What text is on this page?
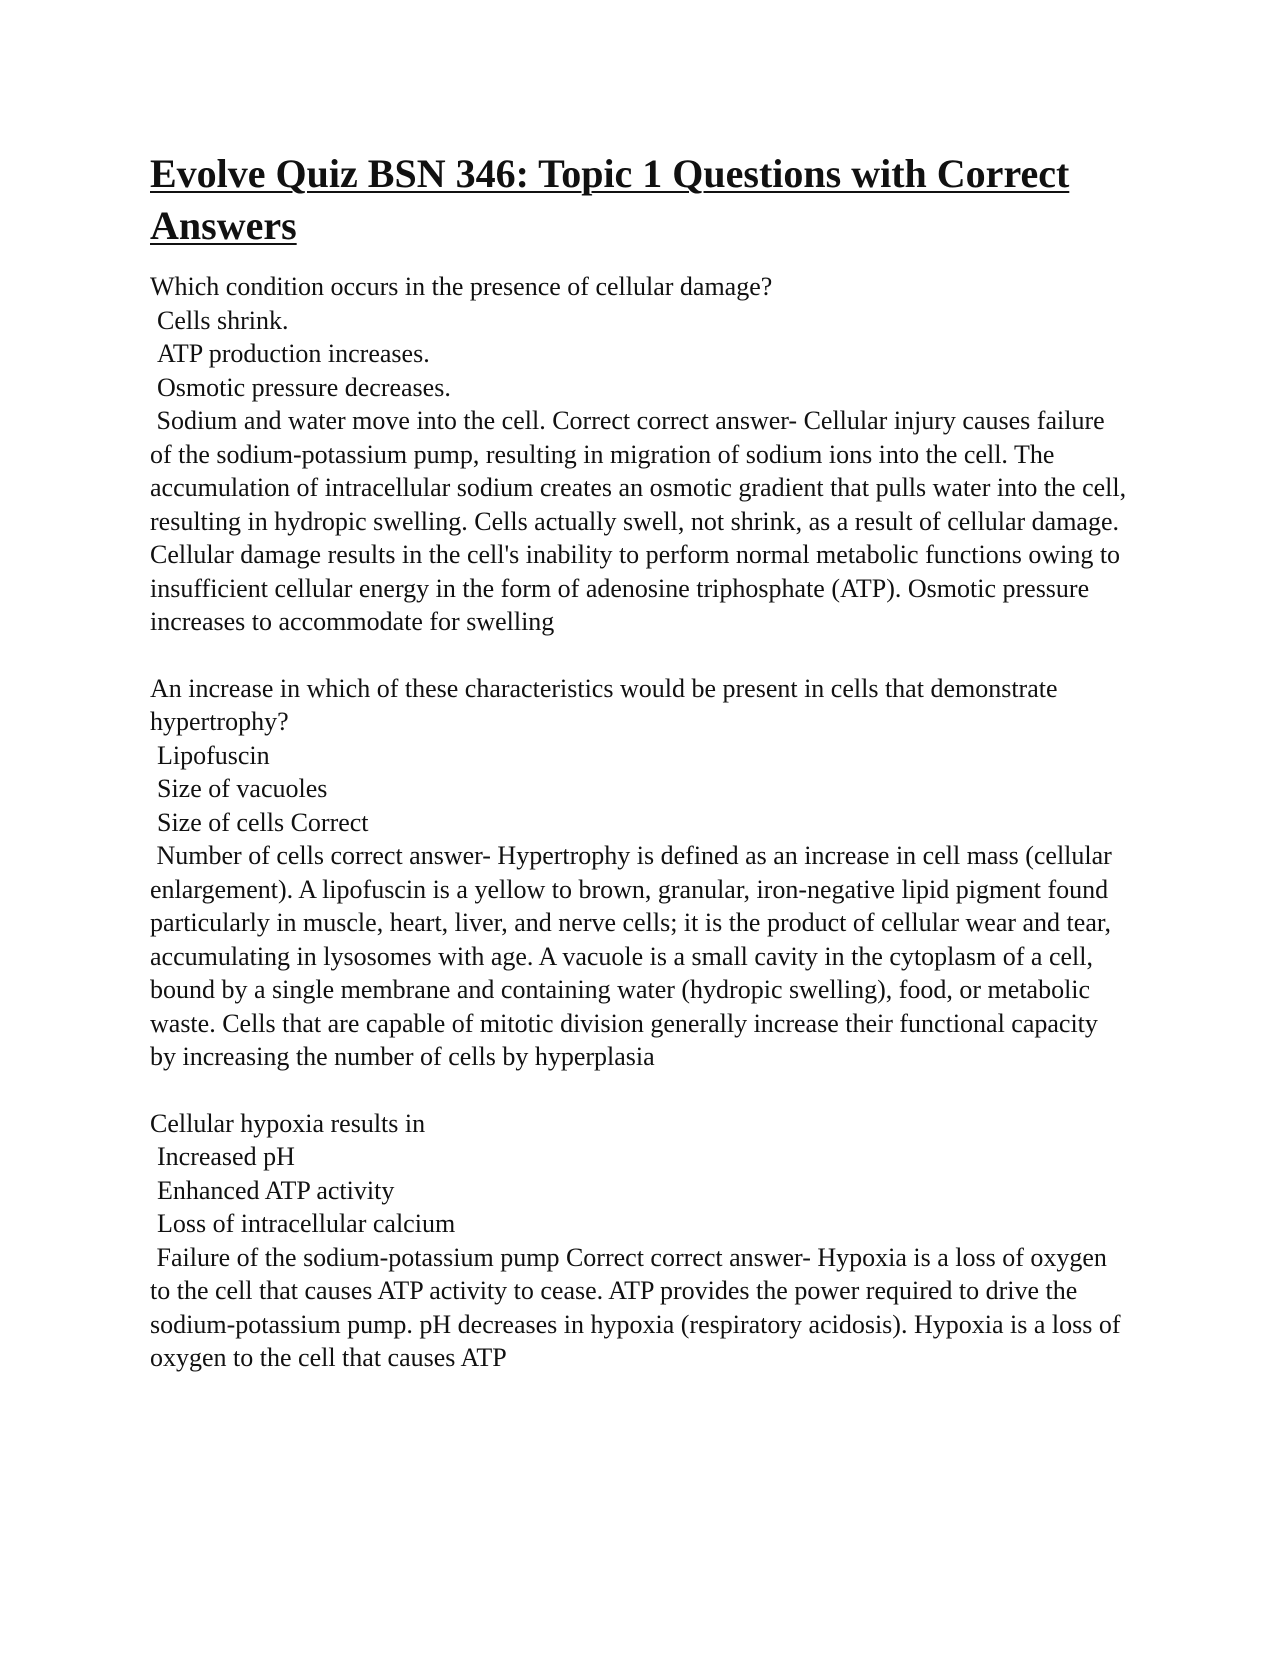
Evolve Quiz BSN 346: Topic 1 Questions with Correct Answers
Which condition occurs in the presence of cellular damage?
Cells shrink.
ATP production increases.
Osmotic pressure decreases.
Sodium and water move into the cell. Correct correct answer- Cellular injury causes failure of the sodium-potassium pump, resulting in migration of sodium ions into the cell. The accumulation of intracellular sodium creates an osmotic gradient that pulls water into the cell, resulting in hydropic swelling. Cells actually swell, not shrink, as a result of cellular damage. Cellular damage results in the cell's inability to perform normal metabolic functions owing to insufficient cellular energy in the form of adenosine triphosphate (ATP). Osmotic pressure increases to accommodate for swelling
An increase in which of these characteristics would be present in cells that demonstrate hypertrophy?
Lipofuscin
Size of vacuoles
Size of cells Correct
Number of cells correct answer- Hypertrophy is defined as an increase in cell mass (cellular enlargement). A lipofuscin is a yellow to brown, granular, iron-negative lipid pigment found particularly in muscle, heart, liver, and nerve cells; it is the product of cellular wear and tear, accumulating in lysosomes with age. A vacuole is a small cavity in the cytoplasm of a cell, bound by a single membrane and containing water (hydropic swelling), food, or metabolic waste. Cells that are capable of mitotic division generally increase their functional capacity by increasing the number of cells by hyperplasia
Cellular hypoxia results in
Increased pH
Enhanced ATP activity
Loss of intracellular calcium
Failure of the sodium-potassium pump Correct correct answer- Hypoxia is a loss of oxygen to the cell that causes ATP activity to cease. ATP provides the power required to drive the sodium-potassium pump. pH decreases in hypoxia (respiratory acidosis). Hypoxia is a loss of oxygen to the cell that causes ATP
